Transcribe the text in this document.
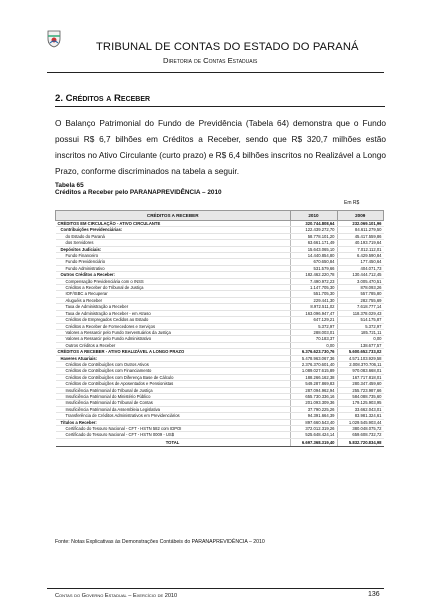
TRIBUNAL DE CONTAS DO ESTADO DO PARANÁ
Diretoria de Contas Estaduais
2. Créditos a Receber
O Balanço Patrimonial do Fundo de Previdência (Tabela 64) demonstra que o Fundo possui R$ 6,7 bilhões em Créditos a Receber, sendo que R$ 320,7 milhões estão inscritos no Ativo Circulante (curto prazo) e R$ 6,4 bilhões inscritos no Realizável a Longo Prazo, conforme discriminados na tabela a seguir.
Tabela 65
Créditos a Receber pelo PARANAPREVIDÊNCIA – 2010
Em R$
CRÉDITOS A RECEBER	2010	2009
CRÉDITOS EM CIRCULAÇÃO - ATIVO CIRCULANTE	320.744.808,64	232.069.101,96
Contribuições Previdenciárias:	122.439.272,70	84.611.279,50
do Estado do Paraná	58.778.101,20	45.417.559,86
dos Servidores	63.661.171,49	40.193.719,64
Depósitos Judiciais:	15.643.065,10	7.012.112,01
Fundo Financeiro	14.440.854,80	6.429.590,84
Fundo Previdenciário	670.650,84	177.450,64
Fundo Administrativo	531.579,66	404.071,73
Outros Créditos a Receber:	182.462.220,78	130.444.712,45
Compensação Previdenciária com o INSS	7.490.972,23	3.005.470,51
Créditos a Receber do Tribunal de Justiça	1.147.705,30	878.093,26
IOF/ISBC a Recuperar	551.705,30	557.785,80
Aluguéis a Receber	229.441,30	282.755,69
Taxa de Administração a Receber	8.972.511,02	7.618.777,14
Taxa de Administração a Receber - em Atraso	163.096.947,47	118.378.029,43
Créditos de Empregados Cedidos ao Estado	647.129,21	514.175,87
Créditos a Receber de Fornecedores e Serviços	5.372,97	5.372,97
Valores a Ressarcir pelo Fundo Serventuários da Justiça	288.003,01	185.721,11
Valores a Ressarcir pelo Fundo Administrativo	70.183,37	0,00
Outros Créditos a Receber	0,00	138.677,57
CRÉDITOS A RECEBER - ATIVO REALIZÁVEL A LONGO PRAZO	6.376.623.730,76	5.600.652.733,02
Haveres Atuariais:	5.478.963.067,36	4.571.103.929,58
Créditos de Contribuições com Outros Ativos	2.376.370.601,40	2.008.370.706,11
Créditos de Contribuições com Financiamento	1.089.027.615,89	970.083.668,01
Créditos de Contribuições com Diferença Base de Cálculo	188.266.162,38	167.717.818,01
Créditos de Contribuições de Aposentados e Pensionistas	549.287.869,83	280.347.459,60
Insuficiência Patrimonial do Tribunal de Justiça	287.094.962,94	255.723.987,66
Insuficiência Patrimonial do Ministério Público	655.730.336,16	584.088.735,60
Insuficiência Patrimonial do Tribunal de Contas	201.093.309,36	179.125.903,95
Insuficiência Patrimonial da Assembleia Legislativa	37.790.225,26	33.662.043,01
Transferência de Créditos Administrativos em Previdenciários	94.391.664,39	83.981.324,61
Títulos a Receber:	897.660.543,40	1.029.545.903,44
Certificado do Tesouro Nacional - CFT - HSTN 582 com IDPOI	372.012.319,26	380.048.075,72
Certificado do Tesouro Nacional - CFT - HSTN 0009 - US$	525.648.424,14	659.608.732,72
TOTAL	6.697.368.319,40	5.832.720.834,98
Fonte: Notas Explicativas às Demonstrações Contábeis do PARANAPREVIDÊNCIA – 2010
Contas do Governo Estadual – Exercício de 2010	136
